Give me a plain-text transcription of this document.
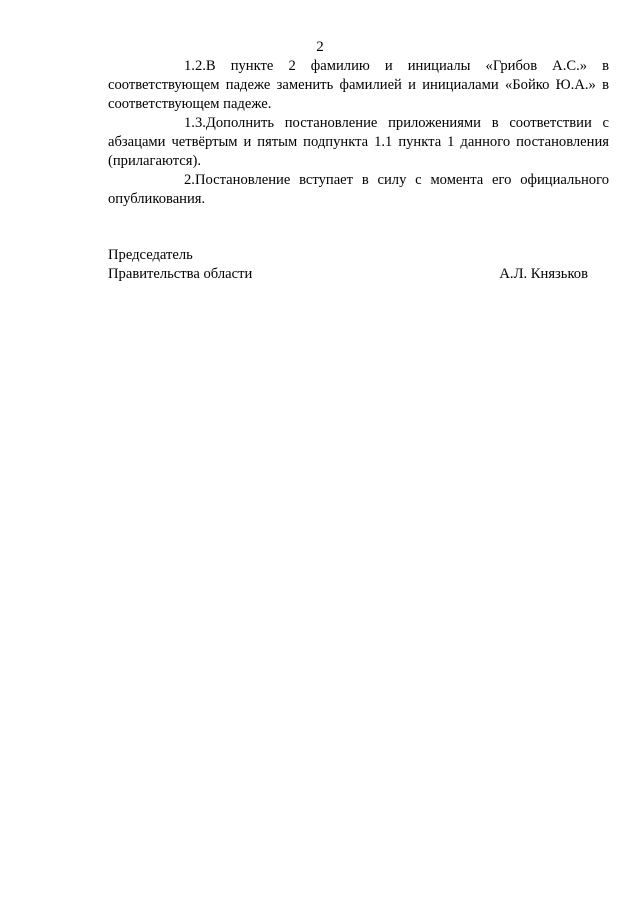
2

1.2.В пункте 2 фамилию и инициалы «Грибов А.С.» в соответствующем падеже заменить фамилией и инициалами «Бойко Ю.А.» в соответствующем падеже.

1.3.Дополнить постановление приложениями в соответствии с абзацами четвёртым и пятым подпункта 1.1 пункта 1 данного постановления (прилагаются).

2.Постановление вступает в силу с момента его официального опубликования.

Председатель
Правительства области	А.Л. Князьков
